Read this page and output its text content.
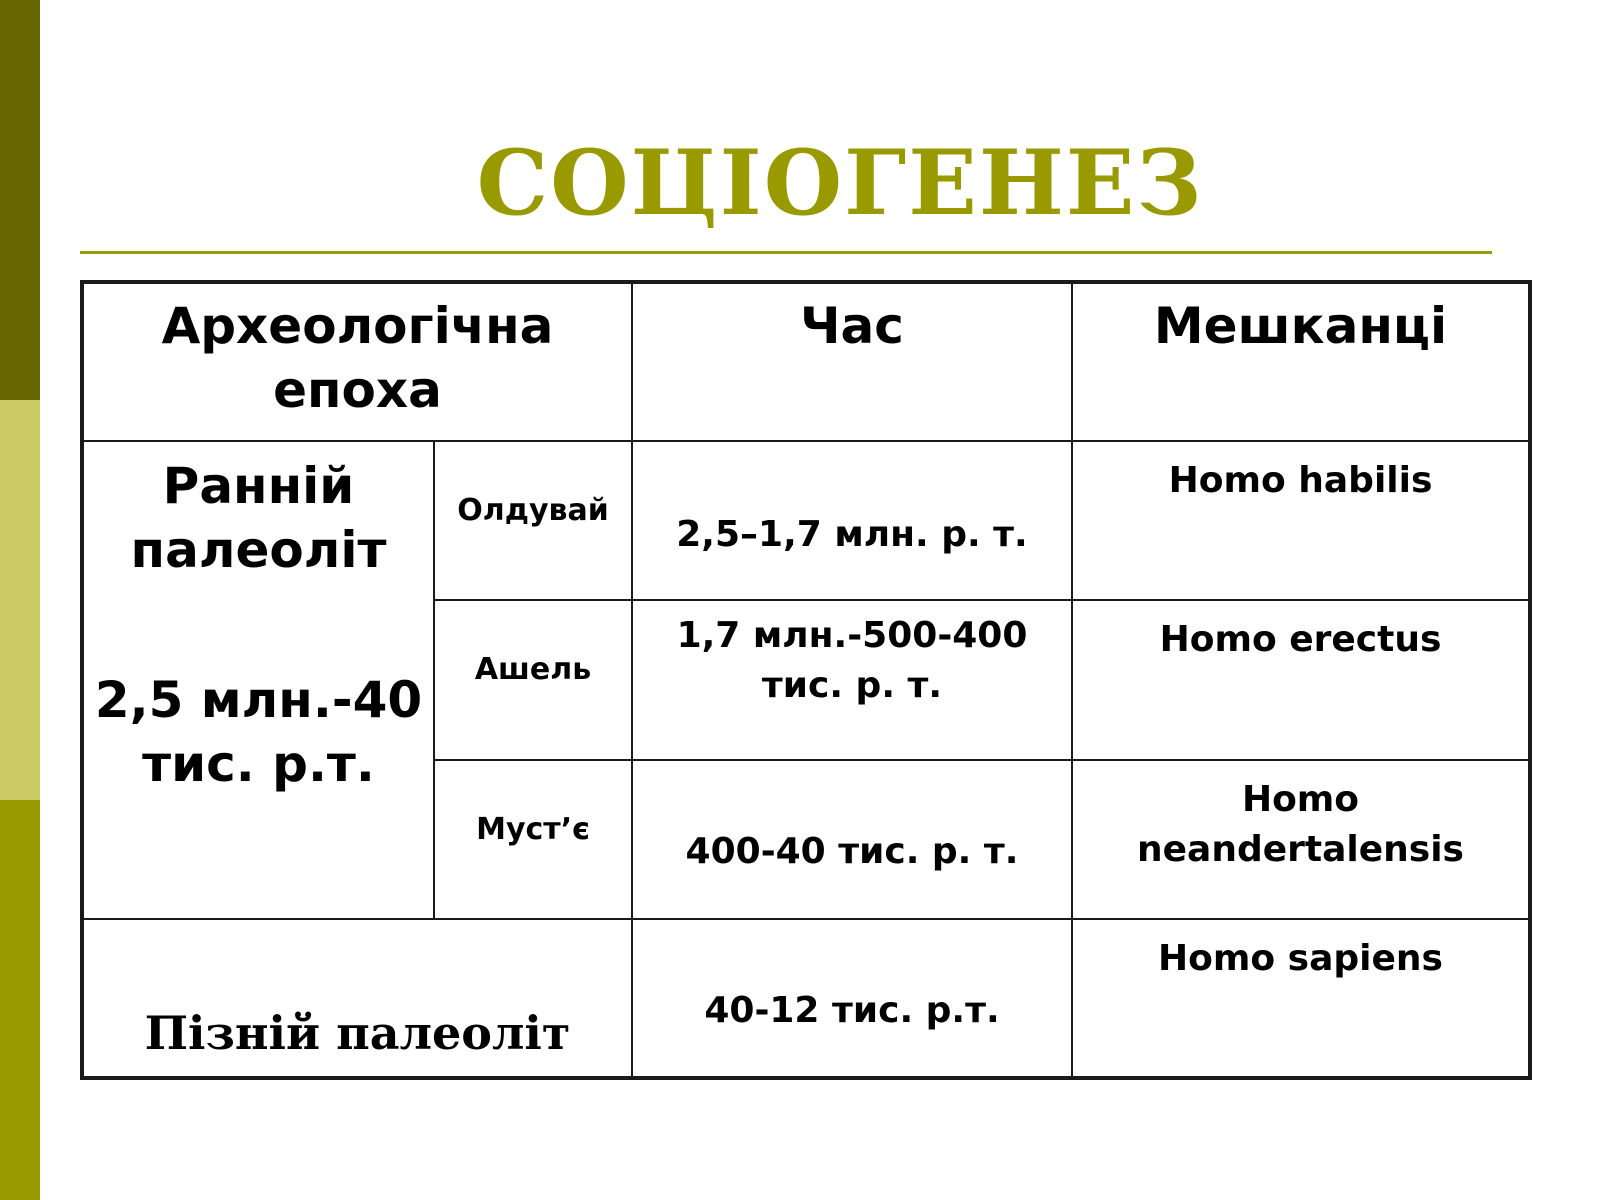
СОЦІОГЕНЕЗ
Археологічна епоха		Час	Мешканці

Ранній палеоліт
2,5 млн.-40 тис. р.т.	Олдувай	2,5–1,7 млн. р. т.	Homo habilis

	Ашель	1,7 млн.-500-400 тис. р. т.	Homo erectus

	Муст’є	400-40 тис. р. т.	Homo neandertalensis

Пізній палеоліт		40-12 тис. р.т.	Homo sapiens
